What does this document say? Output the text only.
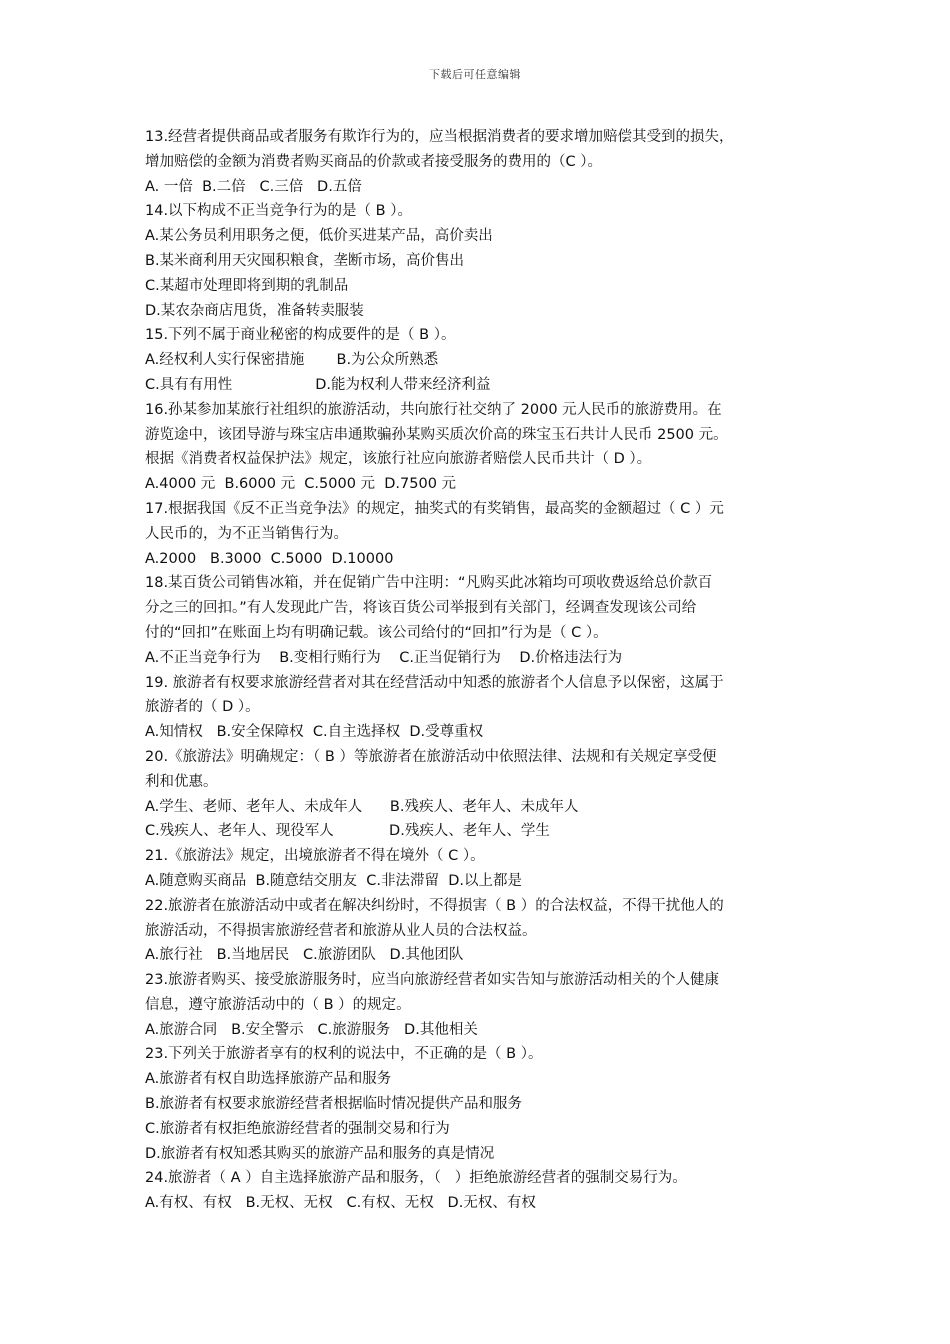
下载后可任意编辑
13.经营者提供商品或者服务有欺诈行为的，应当根据消费者的要求增加赔偿其受到的损失，
增加赔偿的金额为消费者购买商品的价款或者接受服务的费用的（C ）。
A. 一倍  B.二倍   C.三倍   D.五倍
14.以下构成不正当竞争行为的是（ B ）。
A.某公务员利用职务之便，低价买进某产品，高价卖出
B.某米商利用天灾囤积粮食，垄断市场，高价售出
C.某超市处理即将到期的乳制品
D.某农杂商店甩货，准备转卖服装
15.下列不属于商业秘密的构成要件的是（ B ）。
A.经权利人实行保密措施       B.为公众所熟悉
C.具有有用性                  D.能为权利人带来经济利益
16.孙某参加某旅行社组织的旅游活动，共向旅行社交纳了 2000 元人民币的旅游费用。在
游览途中，该团导游与珠宝店串通欺骗孙某购买质次价高的珠宝玉石共计人民币 2500 元。
根据《消费者权益保护法》规定，该旅行社应向旅游者赔偿人民币共计（ D ）。
A.4000 元  B.6000 元  C.5000 元  D.7500 元
17.根据我国《反不正当竞争法》的规定，抽奖式的有奖销售，最高奖的金额超过（ C ）元
人民币的，为不正当销售行为。
A.2000   B.3000  C.5000  D.10000
18.某百货公司销售冰箱，并在促销广告中注明：“凡购买此冰箱均可项收费返给总价款百
分之三的回扣。”有人发现此广告，将该百货公司举报到有关部门，经调查发现该公司给
付的“回扣”在账面上均有明确记载。该公司给付的“回扣”行为是（ C ）。
A.不正当竞争行为    B.变相行贿行为    C.正当促销行为    D.价格违法行为
19. 旅游者有权要求旅游经营者对其在经营活动中知悉的旅游者个人信息予以保密，这属于
旅游者的（ D ）。
A.知情权   B.安全保障权  C.自主选择权  D.受尊重权
20.《旅游法》明确规定：（ B ）等旅游者在旅游活动中依照法律、法规和有关规定享受便
利和优惠。
A.学生、老师、老年人、未成年人      B.残疾人、老年人、未成年人
C.残疾人、老年人、现役军人            D.残疾人、老年人、学生
21.《旅游法》规定，出境旅游者不得在境外（ C ）。
A.随意购买商品  B.随意结交朋友  C.非法滞留  D.以上都是
22.旅游者在旅游活动中或者在解决纠纷时，不得损害（ B ）的合法权益，不得干扰他人的
旅游活动，不得损害旅游经营者和旅游从业人员的合法权益。
A.旅行社   B.当地居民   C.旅游团队   D.其他团队
23.旅游者购买、接受旅游服务时，应当向旅游经营者如实告知与旅游活动相关的个人健康
信息，遵守旅游活动中的（ B ）的规定。
A.旅游合同   B.安全警示   C.旅游服务   D.其他相关
23.下列关于旅游者享有的权利的说法中，不正确的是（ B ）。
A.旅游者有权自助选择旅游产品和服务
B.旅游者有权要求旅游经营者根据临时情况提供产品和服务
C.旅游者有权拒绝旅游经营者的强制交易和行为
D.旅游者有权知悉其购买的旅游产品和服务的真是情况
24.旅游者（ A ）自主选择旅游产品和服务，（   ）拒绝旅游经营者的强制交易行为。
A.有权、有权   B.无权、无权   C.有权、无权   D.无权、有权
